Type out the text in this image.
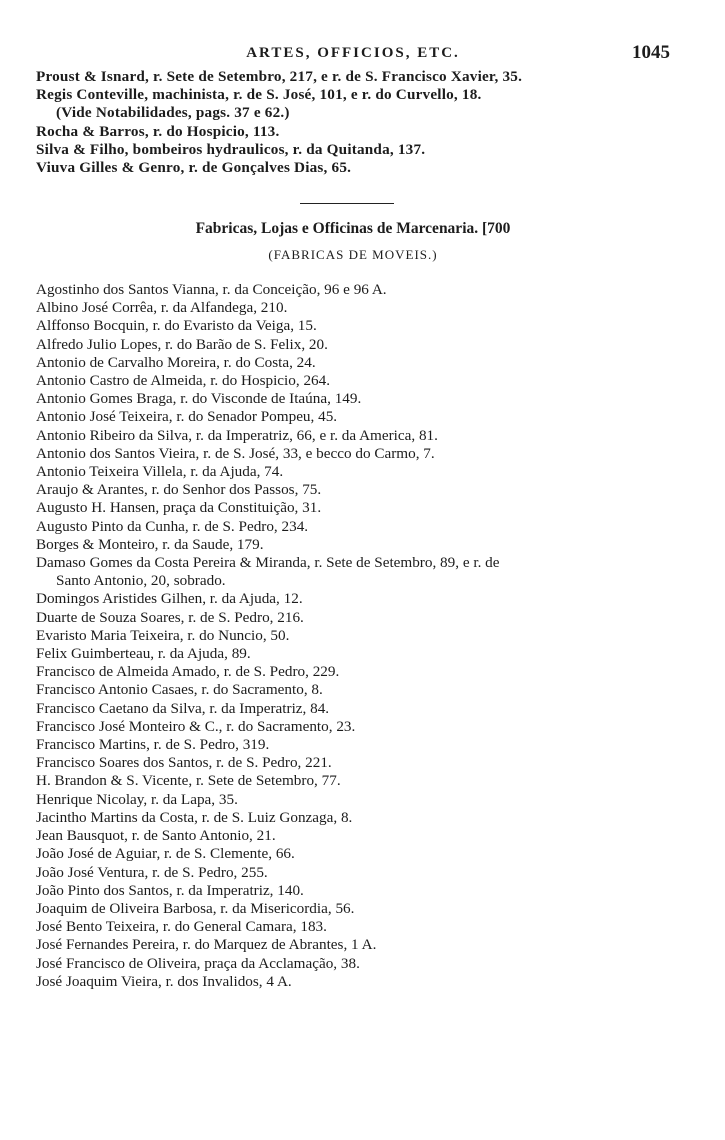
ARTES, OFFICIOS, ETC.	1045
Proust & Isnard, r. Sete de Setembro, 217, e r. de S. Francisco Xavier, 35.
Regis Conteville, machinista, r. de S. José, 101, e r. do Curvello, 18.
(Vide Notabilidades, pags. 37 e 62.)
Rocha & Barros, r. do Hospicio, 113.
Silva & Filho, bombeiros hydraulicos, r. da Quitanda, 137.
Viuva Gilles & Genro, r. de Gonçalves Dias, 65.
Fabricas, Lojas e Officinas de Marcenaria. [700
(FABRICAS DE MOVEIS.)
Agostinho dos Santos Vianna, r. da Conceição, 96 e 96 A.
Albino José Corrêa, r. da Alfandega, 210.
Alffonso Bocquin, r. do Evaristo da Veiga, 15.
Alfredo Julio Lopes, r. do Barão de S. Felix, 20.
Antonio de Carvalho Moreira, r. do Costa, 24.
Antonio Castro de Almeida, r. do Hospicio, 264.
Antonio Gomes Braga, r. do Visconde de Itaúna, 149.
Antonio José Teixeira, r. do Senador Pompeu, 45.
Antonio Ribeiro da Silva, r. da Imperatriz, 66, e r. da America, 81.
Antonio dos Santos Vieira, r. de S. José, 33, e becco do Carmo, 7.
Antonio Teixeira Villela, r. da Ajuda, 74.
Araujo & Arantes, r. do Senhor dos Passos, 75.
Augusto H. Hansen, praça da Constituição, 31.
Augusto Pinto da Cunha, r. de S. Pedro, 234.
Borges & Monteiro, r. da Saude, 179.
Damaso Gomes da Costa Pereira & Miranda, r. Sete de Setembro, 89, e r. de
Santo Antonio, 20, sobrado.
Domingos Aristides Gilhen, r. da Ajuda, 12.
Duarte de Souza Soares, r. de S. Pedro, 216.
Evaristo Maria Teixeira, r. do Nuncio, 50.
Felix Guimberteau, r. da Ajuda, 89.
Francisco de Almeida Amado, r. de S. Pedro, 229.
Francisco Antonio Casaes, r. do Sacramento, 8.
Francisco Caetano da Silva, r. da Imperatriz, 84.
Francisco José Monteiro & C., r. do Sacramento, 23.
Francisco Martins, r. de S. Pedro, 319.
Francisco Soares dos Santos, r. de S. Pedro, 221.
H. Brandon & S. Vicente, r. Sete de Setembro, 77.
Henrique Nicolay, r. da Lapa, 35.
Jacintho Martins da Costa, r. de S. Luiz Gonzaga, 8.
Jean Bausquot, r. de Santo Antonio, 21.
João José de Aguiar, r. de S. Clemente, 66.
João José Ventura, r. de S. Pedro, 255.
João Pinto dos Santos, r. da Imperatriz, 140.
Joaquim de Oliveira Barbosa, r. da Misericordia, 56.
José Bento Teixeira, r. do General Camara, 183.
José Fernandes Pereira, r. do Marquez de Abrantes, 1 A.
José Francisco de Oliveira, praça da Acclamação, 38.
José Joaquim Vieira, r. dos Invalidos, 4 A.
